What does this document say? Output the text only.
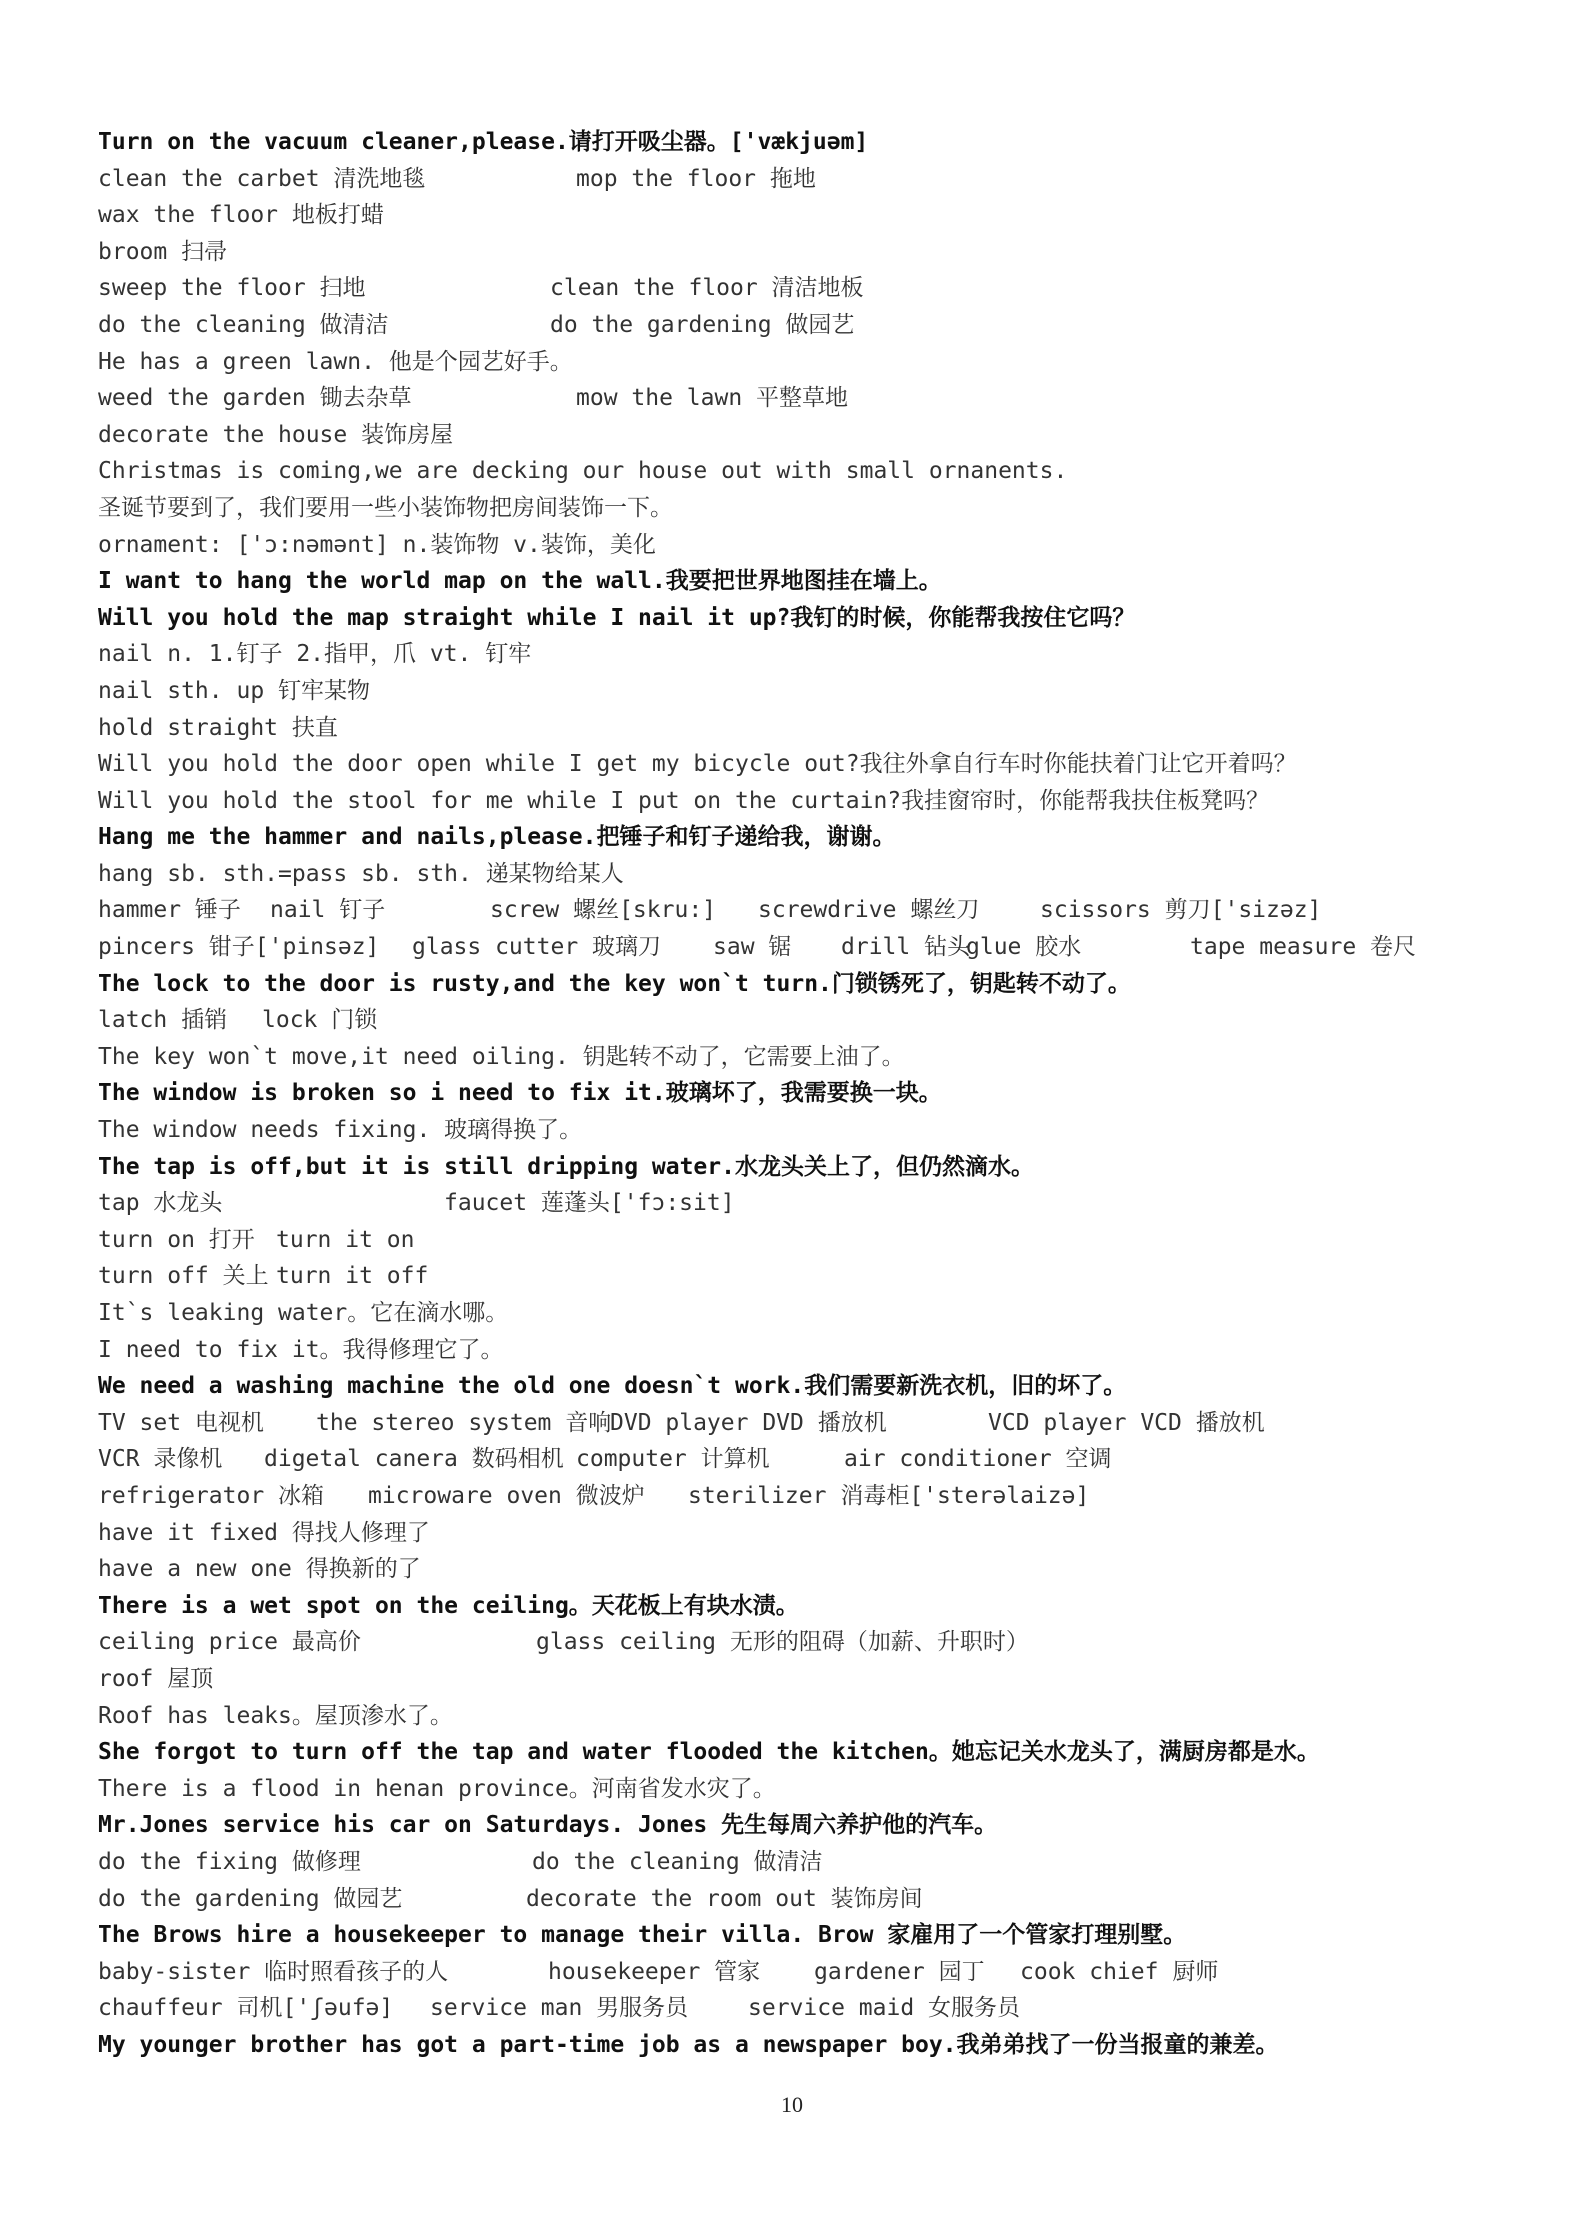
Turn on the vacuum cleaner,please.请打开吸尘器。['vækjuəm]
clean the carbet 清洗地毯	mop the floor 拖地
wax the floor 地板打蜡
broom 扫帚
sweep the floor 扫地	clean the floor 清洁地板
do the cleaning 做清洁	do the gardening 做园艺
He has a green lawn. 他是个园艺好手。
weed the garden 锄去杂草	mow the lawn 平整草地
decorate the house 装饰房屋
Christmas is coming,we are decking our house out with small ornanents.
圣诞节要到了，我们要用一些小装饰物把房间装饰一下。
ornament: ['ɔ:nəmənt] n.装饰物 v.装饰，美化
I want to hang the world map on the wall.我要把世界地图挂在墙上。
Will you hold the map straight while I nail it up?我钉的时候，你能帮我按住它吗？
nail n. 1.钉子 2.指甲，爪 vt. 钉牢
nail sth. up 钉牢某物
hold straight 扶直
Will you hold the door open while I get my bicycle out?我往外拿自行车时你能扶着门让它开着吗？
Will you hold the stool for me while I put on the curtain?我挂窗帘时，你能帮我扶住板凳吗？
Hang me the hammer and nails,please.把锤子和钉子递给我，谢谢。
hang sb. sth.=pass sb. sth. 递某物给某人
hammer 锤子 nail 钉子	screw 螺丝[skru:] screwdrive 螺丝刀	scissors 剪刀['sizəz]
pincers 钳子['pinsəz] glass cutter 玻璃刀 saw 锯 drill 钻头
glue 胶水	tape measure 卷尺
The lock to the door is rusty,and the key won`t turn.门锁锈死了，钥匙转不动了。
latch 插销 lock 门锁
The key won`t move,it need oiling. 钥匙转不动了，它需要上油了。
The window is broken so i need to fix it.玻璃坏了，我需要换一块。
The window needs fixing. 玻璃得换了。
The tap is off,but it is still dripping water.水龙头关上了，但仍然滴水。
tap 水龙头	faucet 莲蓬头['fɔ:sit]
turn on 打开 turn it on
turn off 关上 turn it off
It`s leaking water。它在滴水哪。
I need to fix it。我得修理它了。
We need a washing machine the old one doesn`t work.我们需要新洗衣机，旧的坏了。
TV set 电视机 the stereo system 音响
DVD player DVD 播放机	VCD player VCD 播放机
VCR 录像机 digetal canera 数码相机 computer 计算机	air conditioner 空调
refrigerator 冰箱 microware oven 微波炉 sterilizer 消毒柜['sterəlaizə]
have it fixed 得找人修理了
have a new one 得换新的了
There is a wet spot on the ceiling。天花板上有块水渍。
ceiling price 最高价	glass ceiling 无形的阻碍（加薪、升职时）
roof 屋顶
Roof has leaks。屋顶渗水了。
She forgot to turn off the tap and water flooded the kitchen。她忘记关水龙头了，满厨房都是水。
There is a flood in henan province。河南省发水灾了。
Mr.Jones service his car on Saturdays. Jones 先生每周六养护他的汽车。
do the fixing 做修理	do the cleaning 做清洁
do the gardening 做园艺	decorate the room out 装饰房间
The Brows hire a housekeeper to manage their villa. Brow 家雇用了一个管家打理别墅。
baby-sister 临时照看孩子的人	housekeeper 管家 gardener 园丁 cook chief 厨师
chauffeur 司机['ʃəufə] service man 男服务员	service maid 女服务员
My younger brother has got a part-time job as a newspaper boy.我弟弟找了一份当报童的兼差。
10
